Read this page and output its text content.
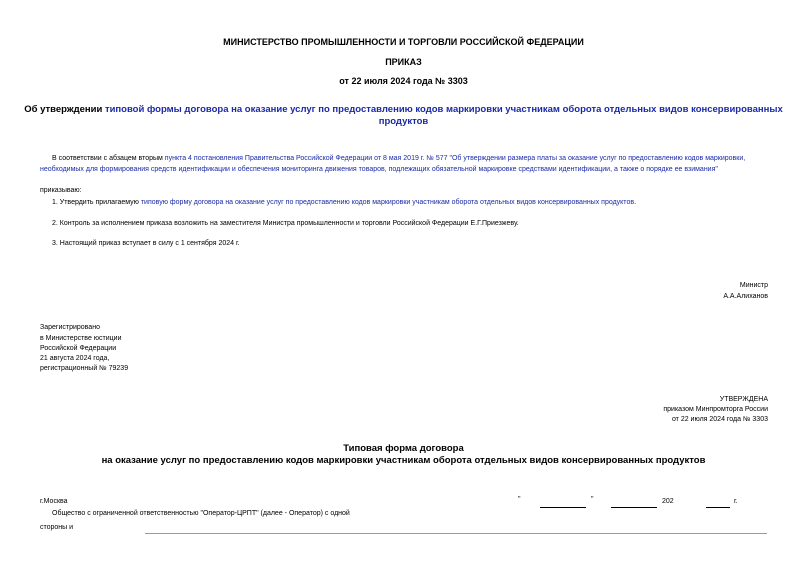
МИНИСТЕРСТВО ПРОМЫШЛЕННОСТИ И ТОРГОВЛИ РОССИЙСКОЙ ФЕДЕРАЦИИ
ПРИКАЗ
от 22 июля 2024 года № 3303
Об утверждении типовой формы договора на оказание услуг по предоставлению кодов маркировки участникам оборота отдельных видов консервированных
продуктов
В соответствии с абзацем вторым пункта 4 постановления Правительства Российской Федерации от 8 мая 2019 г. № 577 "Об утверждении размера платы за оказание услуг по предоставлению кодов маркировки,
необходимых для формирования средств идентификации и обеспечения мониторинга движения товаров, подлежащих обязательной маркировке средствами идентификации, а также о порядке ее взимания"
приказываю:
1. Утвердить прилагаемую типовую форму договора на оказание услуг по предоставлению кодов маркировки участникам оборота отдельных видов консервированных продуктов.
2. Контроль за исполнением приказа возложить на заместителя Министра промышленности и торговли Российской Федерации Е.Г.Приезжеву.
3. Настоящий приказ вступает в силу с 1 сентября 2024 г.
Министр
А.А.Алиханов
Зарегистрировано
в Министерстве юстиции
Российской Федерации
21 августа 2024 года,
регистрационный № 79239
УТВЕРЖДЕНА
приказом Минпромторга России
от 22 июля 2024 года № 3303
Типовая форма договора
на оказание услуг по предоставлению кодов маркировки участникам оборота отдельных видов консервированных продуктов
г.Москва	"	"	202	г.
Общество с ограниченной ответственностью "Оператор-ЦРПТ" (далее - Оператор) с одной
стороны и
